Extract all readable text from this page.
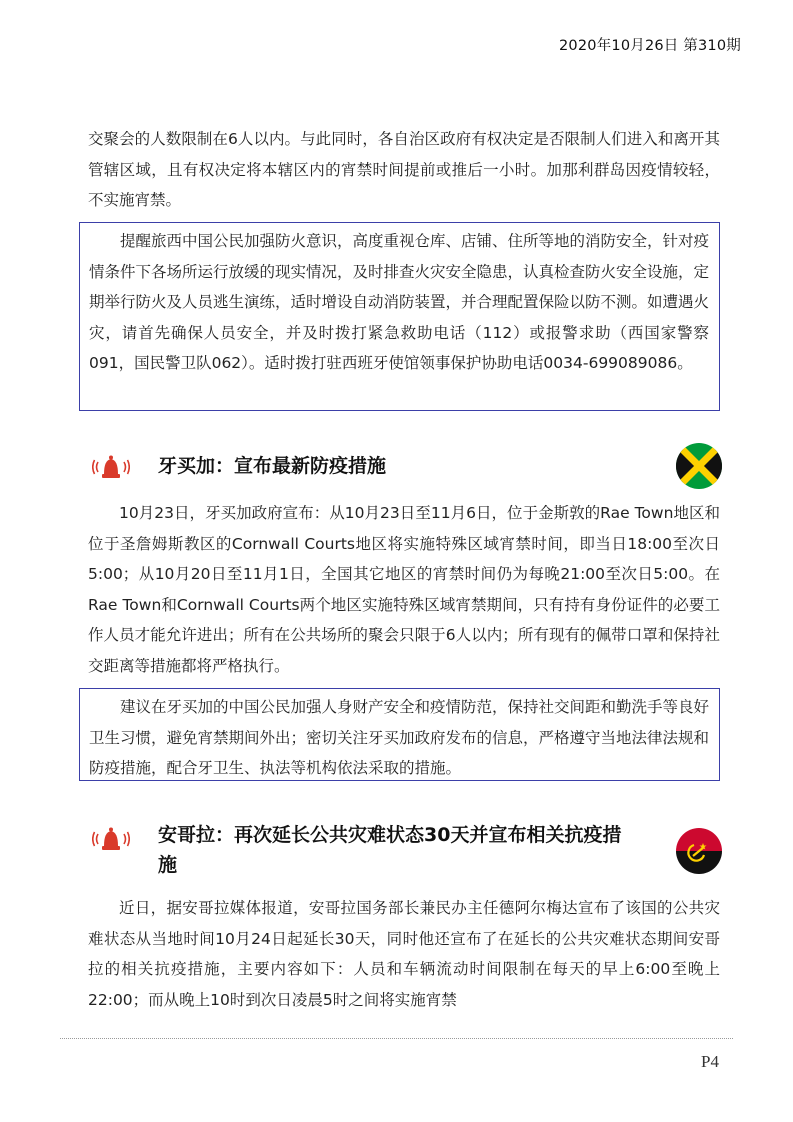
2020年10月26日 第310期

交聚会的人数限制在6人以内。与此同时，各自治区政府有权决定是否限制人们进入和离开其管辖区域，且有权决定将本辖区内的宵禁时间提前或推后一小时。加那利群岛因疫情较轻，不实施宵禁。

提醒旅西中国公民加强防火意识，高度重视仓库、店铺、住所等地的消防安全，针对疫情条件下各场所运行放缓的现实情况，及时排查火灾安全隐患，认真检查防火安全设施，定期举行防火及人员逃生演练，适时增设自动消防装置，并合理配置保险以防不测。如遭遇火灾，请首先确保人员安全，并及时拨打紧急救助电话（112）或报警求助（西国家警察091，国民警卫队062）。适时拨打驻西班牙使馆领事保护协助电话0034-699089086。

牙买加：宣布最新防疫措施

10月23日，牙买加政府宣布：从10月23日至11月6日，位于金斯敦的Rae Town地区和位于圣詹姆斯教区的Cornwall Courts地区将实施特殊区域宵禁时间，即当日18:00至次日5:00；从10月20日至11月1日，全国其它地区的宵禁时间仍为每晚21:00至次日5:00。在Rae Town和Cornwall Courts两个地区实施特殊区域宵禁期间，只有持有身份证件的必要工作人员才能允许进出；所有在公共场所的聚会只限于6人以内；所有现有的佩带口罩和保持社交距离等措施都将严格执行。

建议在牙买加的中国公民加强人身财产安全和疫情防范，保持社交间距和勤洗手等良好卫生习惯，避免宵禁期间外出；密切关注牙买加政府发布的信息，严格遵守当地法律法规和防疫措施，配合牙卫生、执法等机构依法采取的措施。

安哥拉：再次延长公共灾难状态30天并宣布相关抗疫措施

近日，据安哥拉媒体报道，安哥拉国务部长兼民办主任德阿尔梅达宣布了该国的公共灾难状态从当地时间10月24日起延长30天，同时他还宣布了在延长的公共灾难状态期间安哥拉的相关抗疫措施，主要内容如下：人员和车辆流动时间限制在每天的早上6:00至晚上22:00；而从晚上10时到次日凌晨5时之间将实施宵禁

P4
